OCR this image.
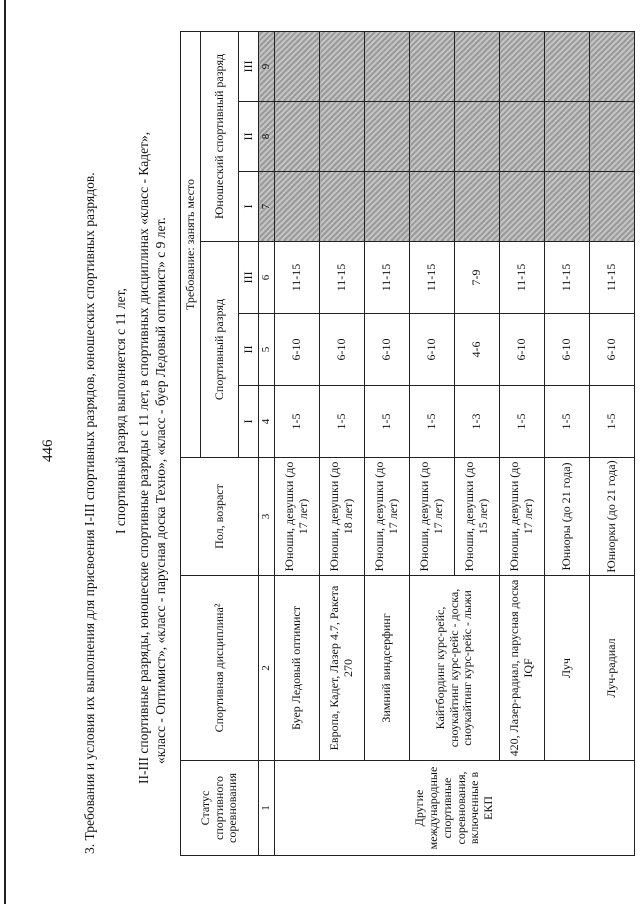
446 3. Требования и условия их выполнения для присвоения I-III спортивных разрядов, юношеских спортивных разрядов. I спортивный разряд выполняется с 11 лет, II-III спортивные разряды, юношеские спортивные разряды с 11 лет, в спортивных дисциплинах «класс - Кадет», «класс - Оптимист», «класс - парусная доска Техно», «класс - буер Ледовый оптимист» с 9 лет.
Статус спортивного соревнования	Спортивная дисциплина²	Пол, возраст	Требование: занять место					
			Спортивный разряд			Юношеский спортивный разряд		
			I	II	III	I	II	III
1	2	3	4	5	6	7	8	9
Другие международные спортивные соревнования, включенные в ЕКП	Буер Ледовый оптимист	Юноши, девушки (до 17 лет)	1-5	6-10	11-15			
	Европа, Кадет, Лазер 4.7, Ракета 270	Юноши, девушки (до 18 лет)	1-5	6-10	11-15			
	Зимний виндсерфинг	Юноши, девушки (до 17 лет)	1-5	6-10	11-15			
	Кайтбординг курс-рейс, сноукайтинг курс-рейс - доска, сноукайтинг курс-рейс - лыжи	Юноши, девушки (до 17 лет)	1-5	6-10	11-15			
		Юноши, девушки (до 15 лет)	1-3	4-6	7-9			
	420, Лазер-радиал, парусная доска IQF	Юноши, девушки (до 17 лет)	1-5	6-10	11-15			
	Луч	Юниоры (до 21 года)	1-5	6-10	11-15			
	Луч-радиал	Юниорки (до 21 года)	1-5	6-10	11-15			
